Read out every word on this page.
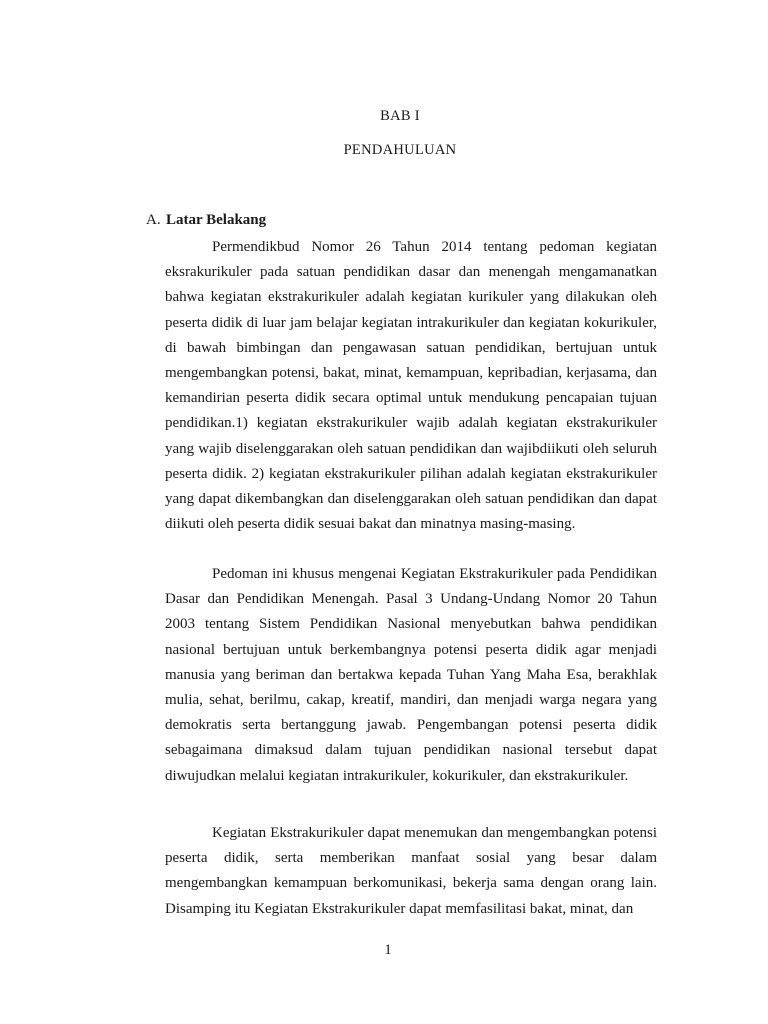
BAB I
PENDAHULUAN
A. Latar Belakang

Permendikbud Nomor 26 Tahun 2014 tentang pedoman kegiatan eksrakurikuler pada satuan pendidikan dasar dan menengah mengamanatkan bahwa kegiatan ekstrakurikuler adalah kegiatan kurikuler yang dilakukan oleh peserta didik di luar jam belajar kegiatan intrakurikuler dan kegiatan kokurikuler, di bawah bimbingan dan pengawasan satuan pendidikan, bertujuan untuk mengembangkan potensi, bakat, minat, kemampuan, kepribadian, kerjasama, dan kemandirian peserta didik secara optimal untuk mendukung pencapaian tujuan pendidikan.1) kegiatan ekstrakurikuler wajib adalah kegiatan ekstrakurikuler yang wajib diselenggarakan oleh satuan pendidikan dan wajibdiikuti oleh seluruh peserta didik. 2) kegiatan ekstrakurikuler pilihan adalah kegiatan ekstrakurikuler yang dapat dikembangkan dan diselenggarakan oleh satuan pendidikan dan dapat diikuti oleh peserta didik sesuai bakat dan minatnya masing-masing.

Pedoman ini khusus mengenai Kegiatan Ekstrakurikuler pada Pendidikan Dasar dan Pendidikan Menengah. Pasal 3 Undang-Undang Nomor 20 Tahun 2003 tentang Sistem Pendidikan Nasional menyebutkan bahwa pendidikan nasional bertujuan untuk berkembangnya potensi peserta didik agar menjadi manusia yang beriman dan bertakwa kepada Tuhan Yang Maha Esa, berakhlak mulia, sehat, berilmu, cakap, kreatif, mandiri, dan menjadi warga negara yang demokratis serta bertanggung jawab. Pengembangan potensi peserta didik sebagaimana dimaksud dalam tujuan pendidikan nasional tersebut dapat diwujudkan melalui kegiatan intrakurikuler, kokurikuler, dan ekstrakurikuler.

Kegiatan Ekstrakurikuler dapat menemukan dan mengembangkan potensi peserta didik, serta memberikan manfaat sosial yang besar dalam mengembangkan kemampuan berkomunikasi, bekerja sama dengan orang lain. Disamping itu Kegiatan Ekstrakurikuler dapat memfasilitasi bakat, minat, dan

1
